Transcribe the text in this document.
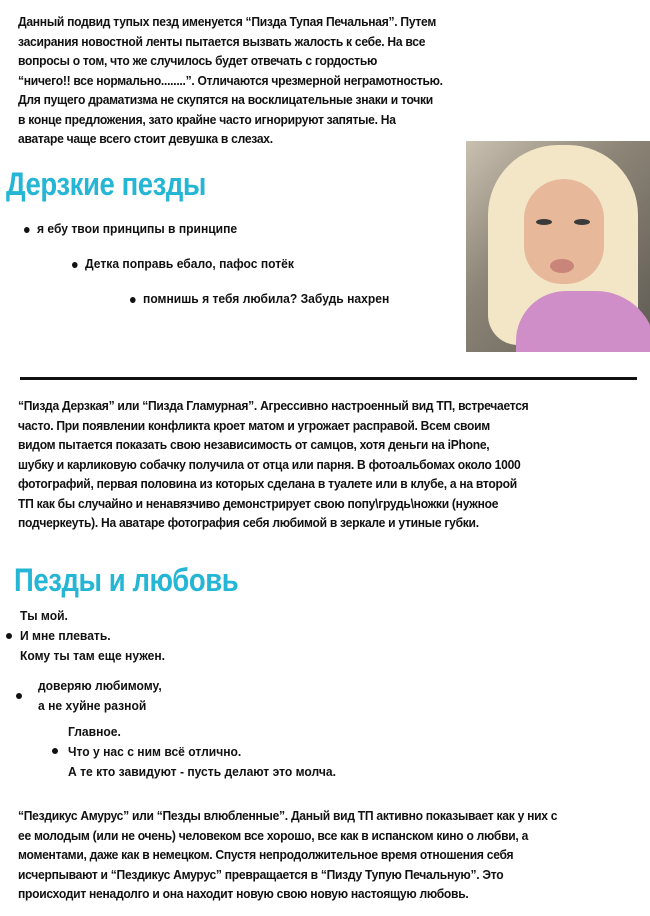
Данный подвид тупых пезд именуется “Пизда Тупая Печальная”. Путем
засирания новостной ленты пытается вызвать жалость к себе. На все
вопросы о том, что же случилось будет отвечать с гордостью
“ничего!! все нормально........”. Отличаются чрезмерной неграмотностью.
Для пущего драматизма не скупятся на восклицательные знаки и точки
в конце предложения, зато крайне часто игнорируют запятые. На
аватаре чаще всего стоит девушка в слезах.
Дерзкие пезды
я ебу твои принципы в принципе
Детка поправь ебало, пафос потёк
помнишь я тебя любила? Забудь нахрен
“Пизда Дерзкая” или “Пизда Гламурная”. Агрессивно настроенный вид ТП, встречается
часто. При появлении конфликта кроет матом и угрожает расправой. Всем своим
видом пытается показать свою независимость от самцов, хотя деньги на iPhone,
шубку и карликовую собачку получила от отца или парня. В фотоальбомах около 1000
фотографий, первая половина из которых сделана в туалете или в клубе, а на второй
ТП как бы случайно и ненавязчиво демонстрирует свою попу\грудь\ножки (нужное
подчеркеуть). На аватаре фотография себя любимой в зеркале и утиные губки.
Пезды и любовь
Ты мой.
И мне плевать.
Кому ты там еще нужен.
доверяю любимому,
а не хуйне разной
Главное.
Что у нас с ним всё отлично.
А те кто завидуют - пусть делают это молча.
“Пездикус Амурус” или “Пезды влюбленные”. Даный вид ТП активно показывает как у них с
ее молодым (или не очень) человеком все хорошо, все как в испанском кино о любви, а
моментами, даже как в немецком. Спустя непродолжительное время отношения себя
исчерпывают и “Пездикус Амурус” превращается в “Пизду Тупую Печальную”. Это
происходит ненадолго и она находит новую свою новую настоящую любовь.
